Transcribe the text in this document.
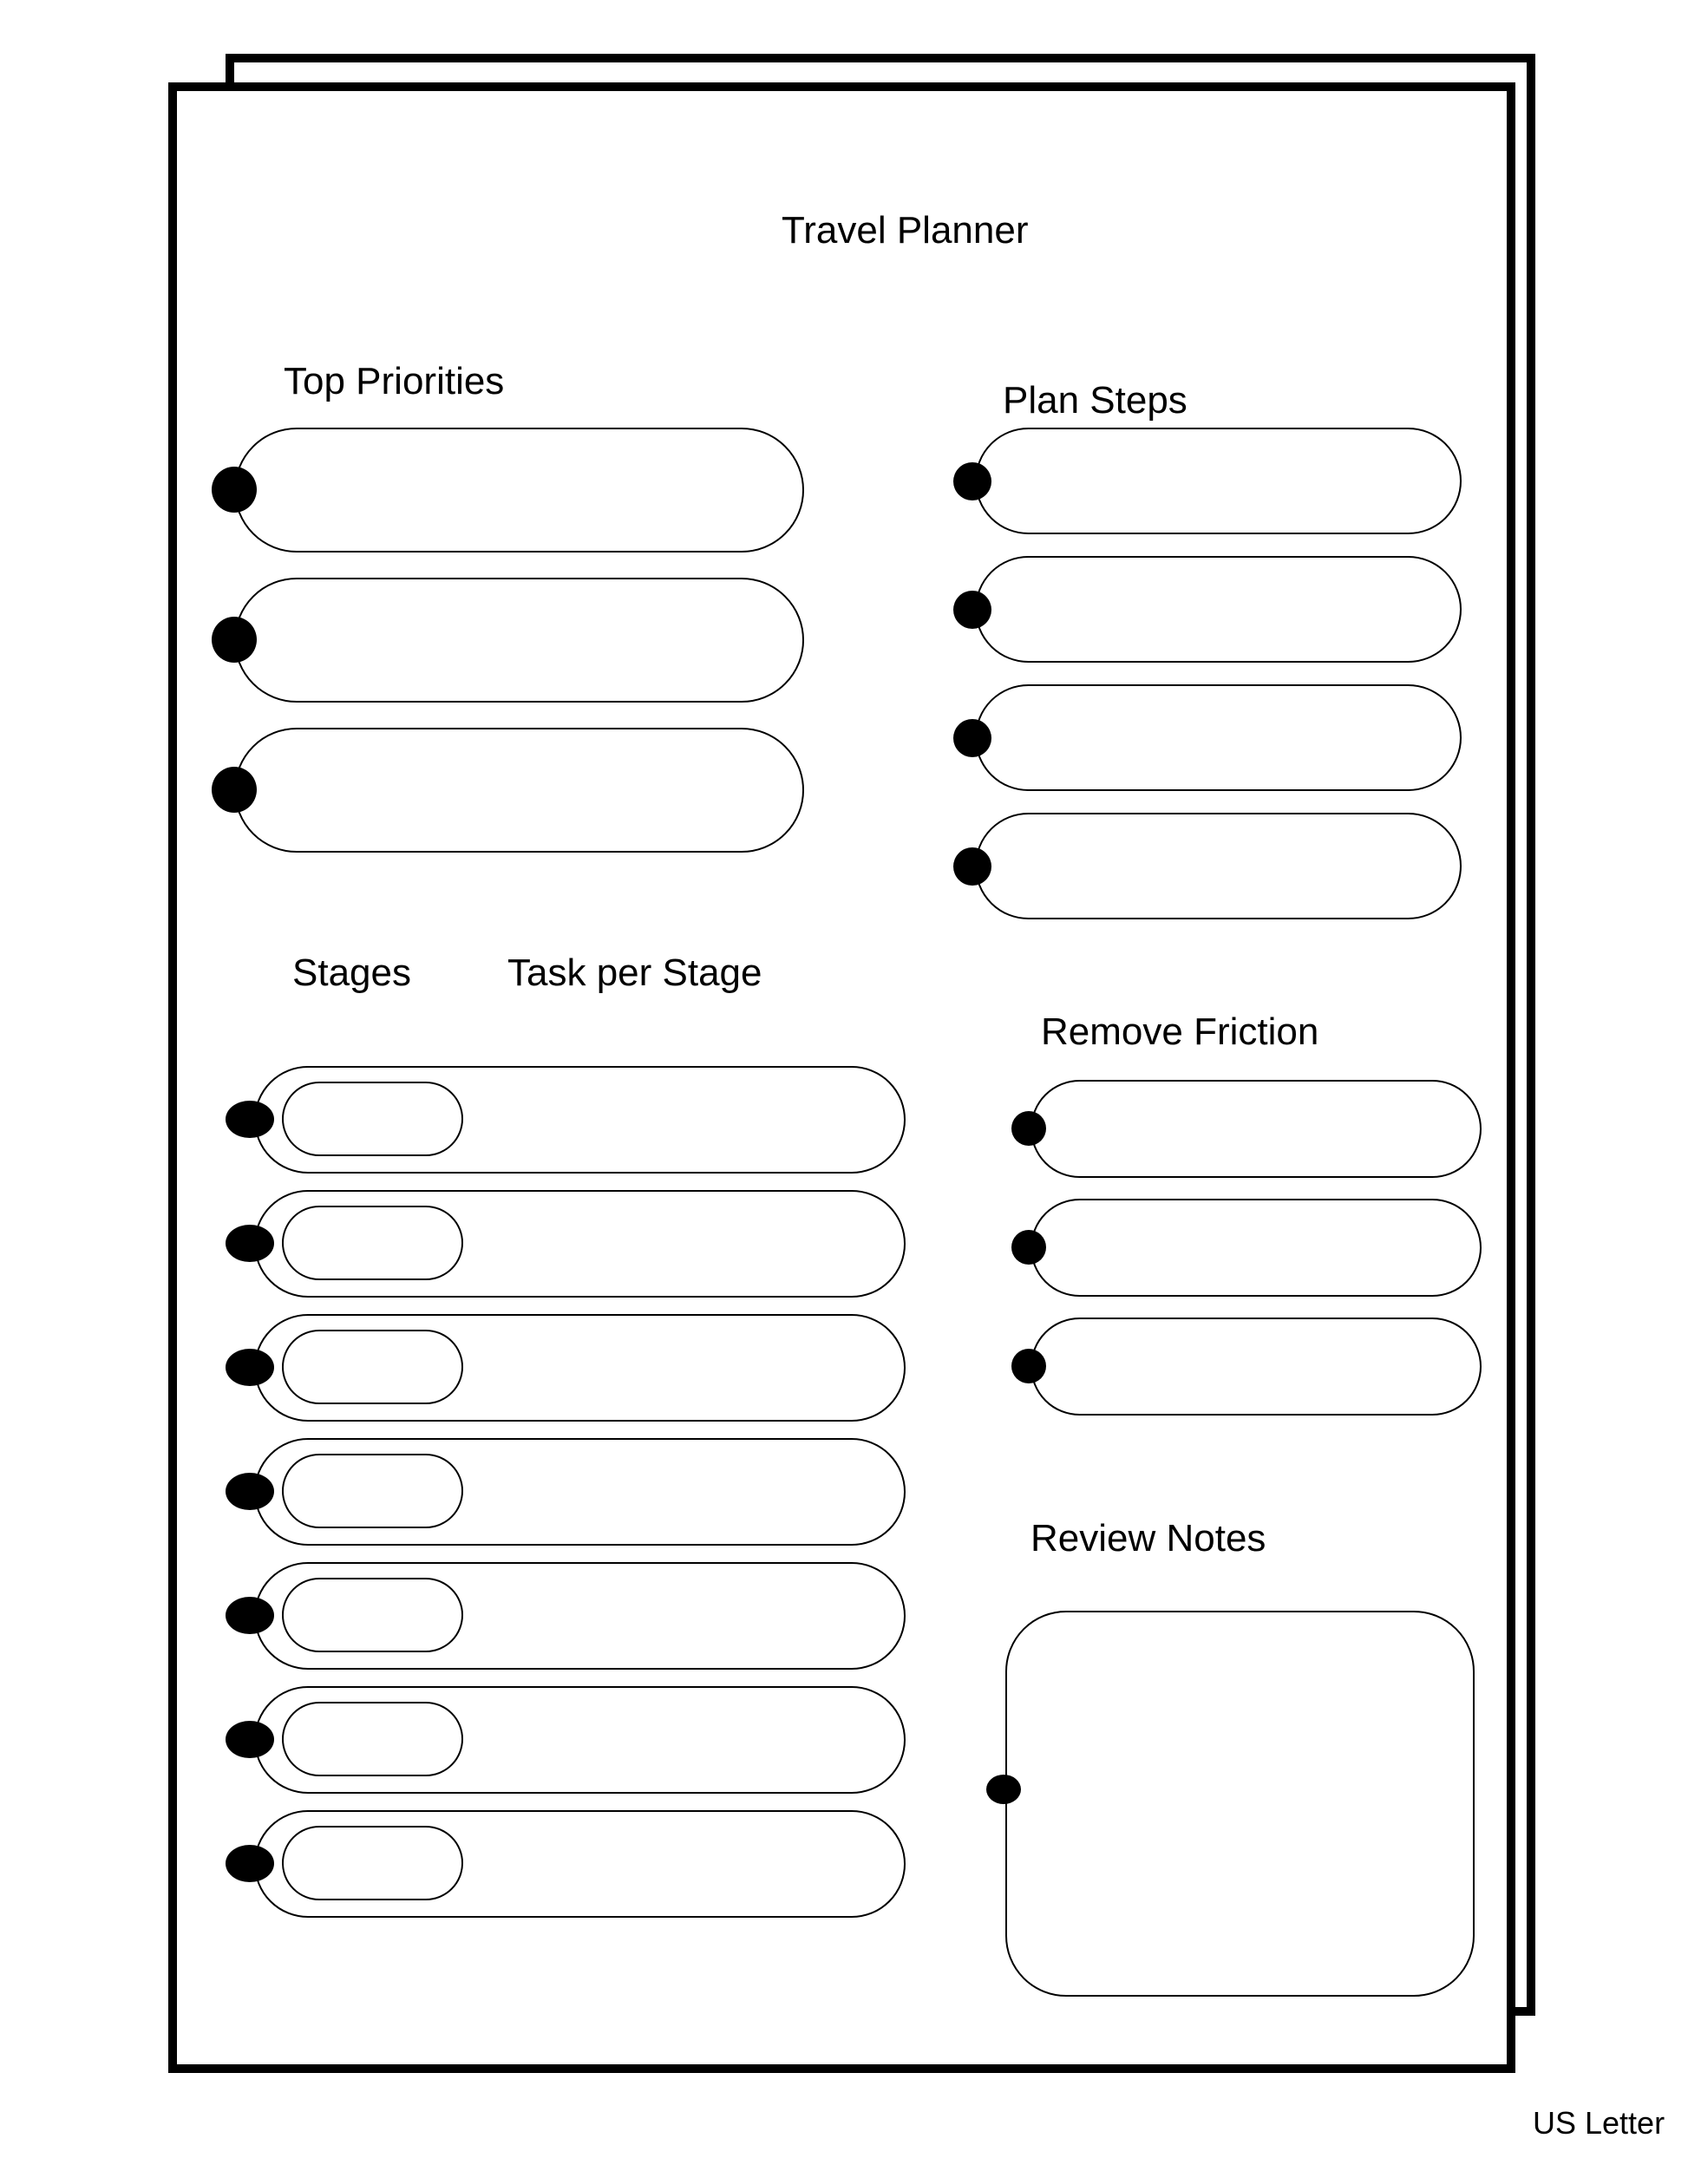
Travel Planner
Top Priorities	Plan Steps
Stages	Task per Stage
Remove Friction
Review Notes
US Letter
